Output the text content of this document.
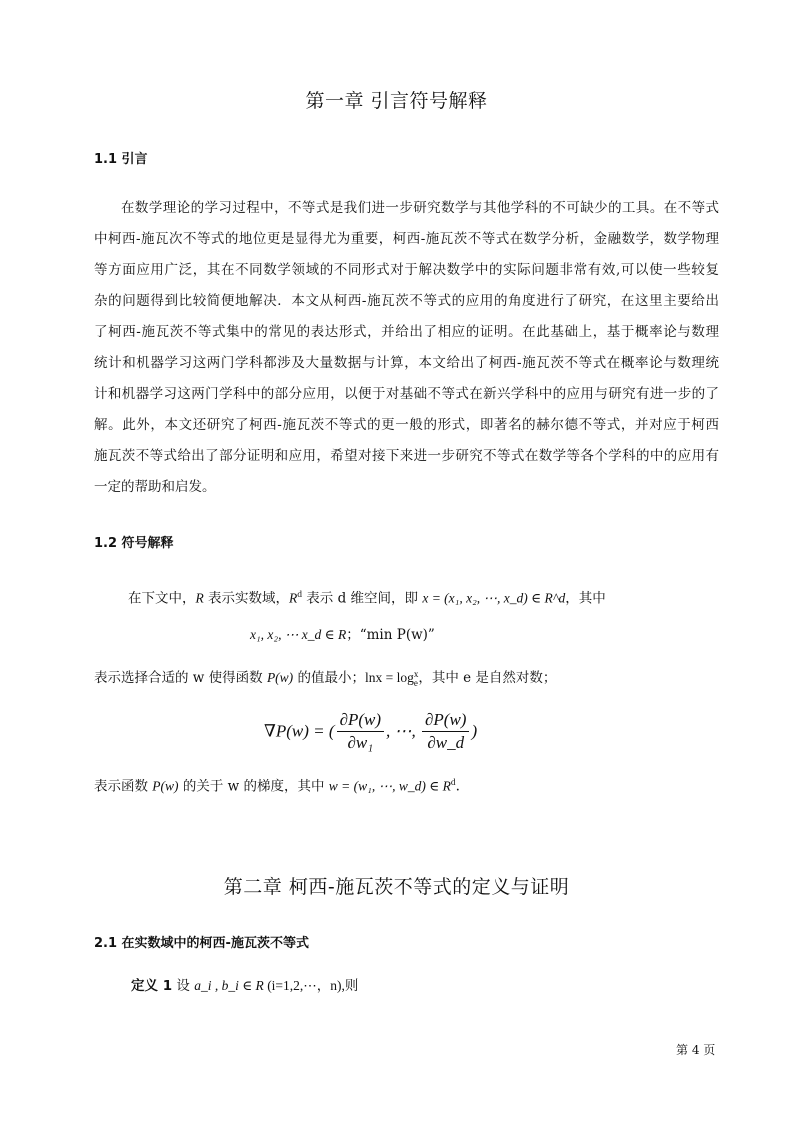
第一章 引言符号解释
1.1 引言
在数学理论的学习过程中，不等式是我们进一步研究数学与其他学科的不可缺少的工具。在不等式
中柯西-施瓦次不等式的地位更是显得尤为重要，柯西-施瓦茨不等式在数学分析，金融数学，数学物理
等方面应用广泛，其在不同数学领域的不同形式对于解决数学中的实际问题非常有效,可以使一些较复
杂的问题得到比较简便地解决．本文从柯西-施瓦茨不等式的应用的角度进行了研究，在这里主要给出
了柯西-施瓦茨不等式集中的常见的表达形式，并给出了相应的证明。在此基础上，基于概率论与数理
统计和机器学习这两门学科都涉及大量数据与计算，本文给出了柯西-施瓦茨不等式在概率论与数理统
计和机器学习这两门学科中的部分应用，以便于对基础不等式在新兴学科中的应用与研究有进一步的了
解。此外，本文还研究了柯西-施瓦茨不等式的更一般的形式，即著名的赫尔德不等式，并对应于柯西
施瓦茨不等式给出了部分证明和应用，希望对接下来进一步研究不等式在数学等各个学科的中的应用有
一定的帮助和启发。
1.2 符号解释
在下文中，R 表示实数域，$R^d$ 表示 d 维空间，即 x = (x₁, x₂, ⋯, x_d) ∈ R^d，其中
x₁, x₂, ⋯ x_d ∈ R；“min P(w)”
表示选择合适的 w 使得函数 P(w) 的值最小；lnx = log x
e ，其中 e 是自然对数；
∇P(w) = ( $\frac{\partial P(w)}{\text{∂w₁}}$ , ⋯, $\frac{\partial P(w)}{\partial w\_d}$ )
表示函数 P(w) 的关于 w 的梯度，其中 w = (w₁, ⋯, w_d) ∈ $R^d$.
第二章 柯西-施瓦茨不等式的定义与证明
2.1 在实数域中的柯西-施瓦茨不等式
定义 1 设 a_i , b_i ∈ R (i=1,2,⋯，n),则
第 4 页
